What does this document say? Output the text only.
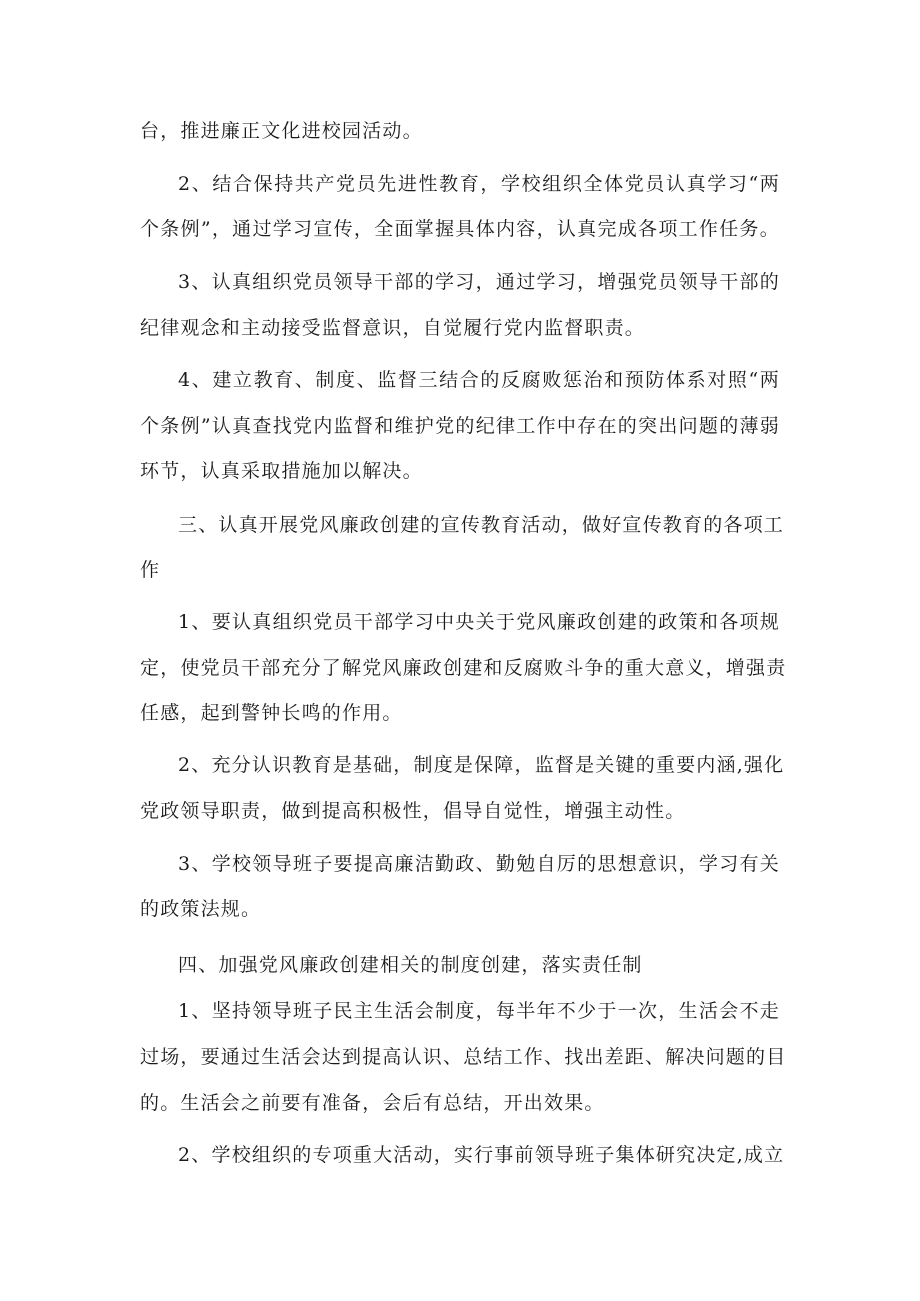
台，推进廉正文化进校园活动。
2、结合保持共产党员先进性教育，学校组织全体党员认真学习“两
个条例”，通过学习宣传，全面掌握具体内容，认真完成各项工作任务。
3、认真组织党员领导干部的学习，通过学习，增强党员领导干部的
纪律观念和主动接受监督意识，自觉履行党内监督职责。
4、建立教育、制度、监督三结合的反腐败惩治和预防体系对照“两
个条例”认真查找党内监督和维护党的纪律工作中存在的突出问题的薄弱
环节，认真采取措施加以解决。
三、认真开展党风廉政创建的宣传教育活动，做好宣传教育的各项工
作
1、要认真组织党员干部学习中央关于党风廉政创建的政策和各项规
定，使党员干部充分了解党风廉政创建和反腐败斗争的重大意义，增强责
任感，起到警钟长鸣的作用。
2、充分认识教育是基础，制度是保障，监督是关键的重要内涵,强化
党政领导职责，做到提高积极性，倡导自觉性，增强主动性。
3、学校领导班子要提高廉洁勤政、勤勉自厉的思想意识，学习有关
的政策法规。
四、加强党风廉政创建相关的制度创建，落实责任制
1、坚持领导班子民主生活会制度，每半年不少于一次，生活会不走
过场，要通过生活会达到提高认识、总结工作、找出差距、解决问题的目
的。生活会之前要有准备，会后有总结，开出效果。
2、学校组织的专项重大活动，实行事前领导班子集体研究决定,成立
